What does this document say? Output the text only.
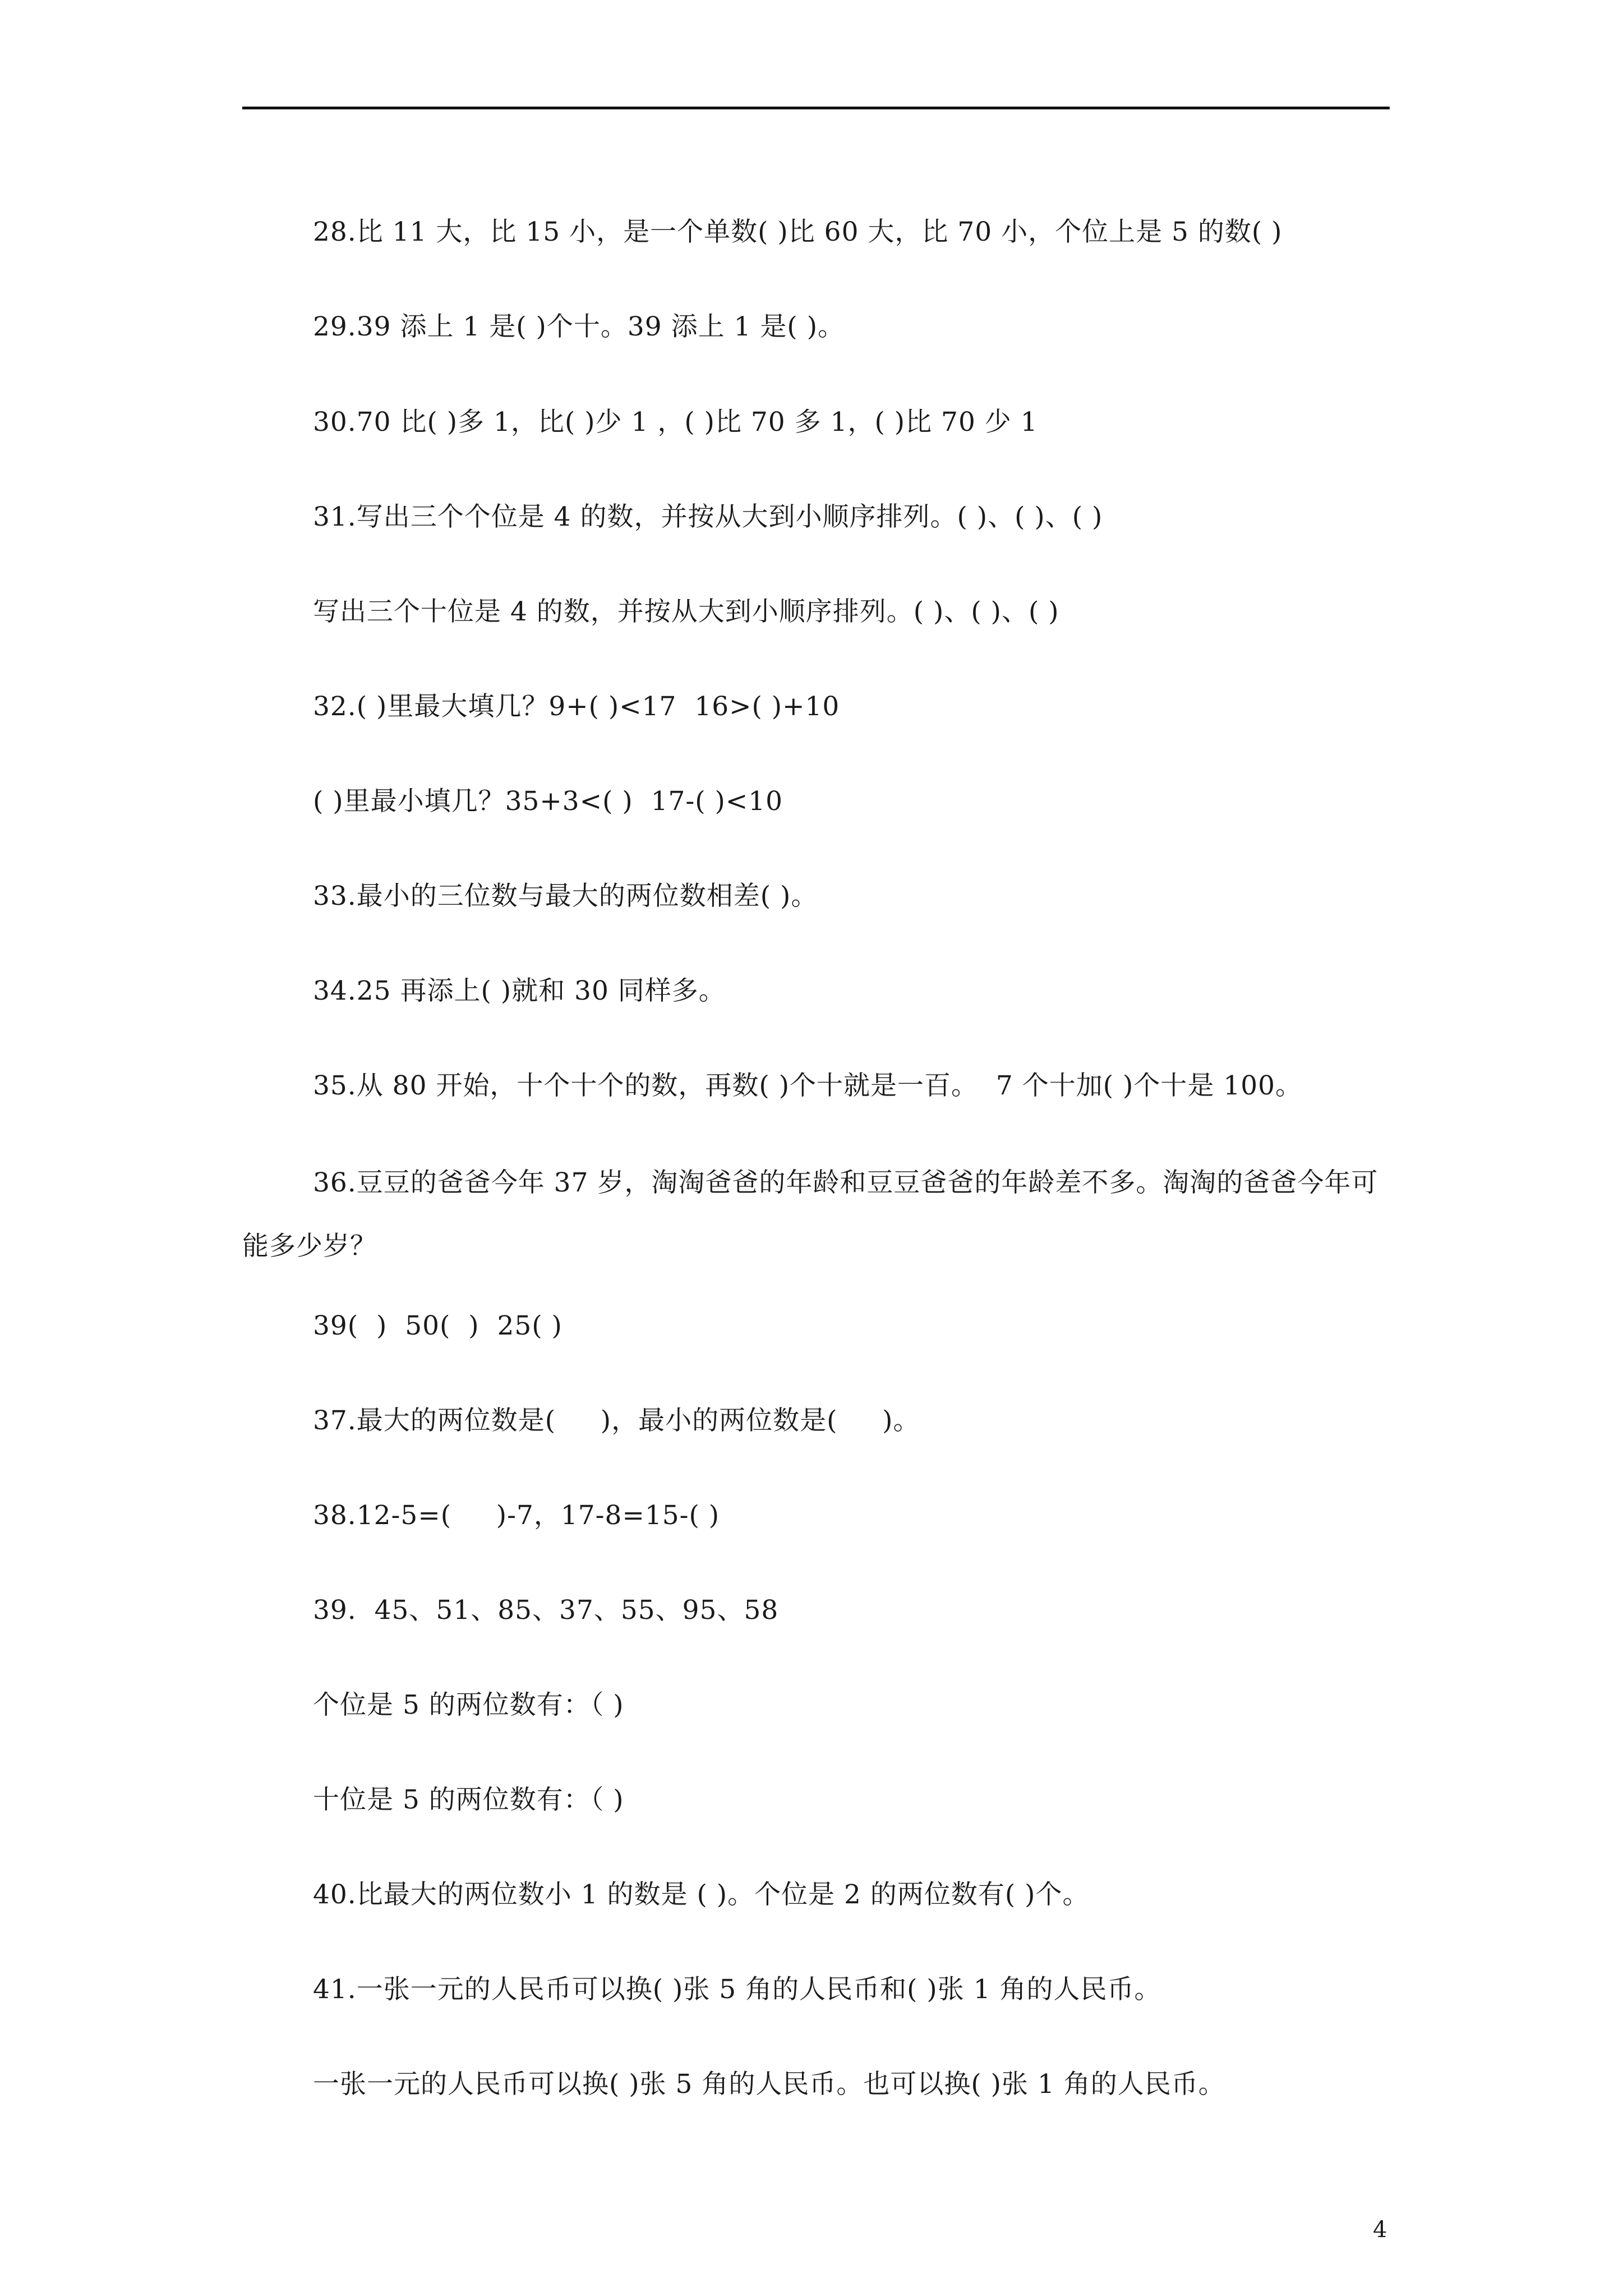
28.比 11 大，比 15 小，是一个单数( )比 60 大，比 70 小，个位上是 5 的数( )
29.39 添上 1 是( )个十。39 添上 1 是( )。
30.70 比( )多 1，比( )少 1 ，( )比 70 多 1，( )比 70 少 1
31.写出三个个位是 4 的数，并按从大到小顺序排列。( )、( )、( )
写出三个十位是 4 的数，并按从大到小顺序排列。( )、( )、( )
32.( )里最大填几？9+( )<17  16>( )+10
( )里最小填几？35+3<( )  17-( )<10
33.最小的三位数与最大的两位数相差( )。
34.25 再添上( )就和 30 同样多。
35.从 80 开始，十个十个的数，再数( )个十就是一百。  7 个十加( )个十是 100。
36.豆豆的爸爸今年 37 岁，淘淘爸爸的年龄和豆豆爸爸的年龄差不多。淘淘的爸爸今年可能多少岁？
39(  )  50(  )  25( )
37.最大的两位数是(     )，最小的两位数是(     )。
38.12-5=(     )-7，17-8=15-( )
39.  45、51、85、37、55、95、58
个位是 5 的两位数有：（ )
十位是 5 的两位数有：（ )
40.比最大的两位数小 1 的数是 ( )。个位是 2 的两位数有( )个。
41.一张一元的人民币可以换( )张 5 角的人民币和( )张 1 角的人民币。
一张一元的人民币可以换( )张 5 角的人民币。也可以换( )张 1 角的人民币。
4
